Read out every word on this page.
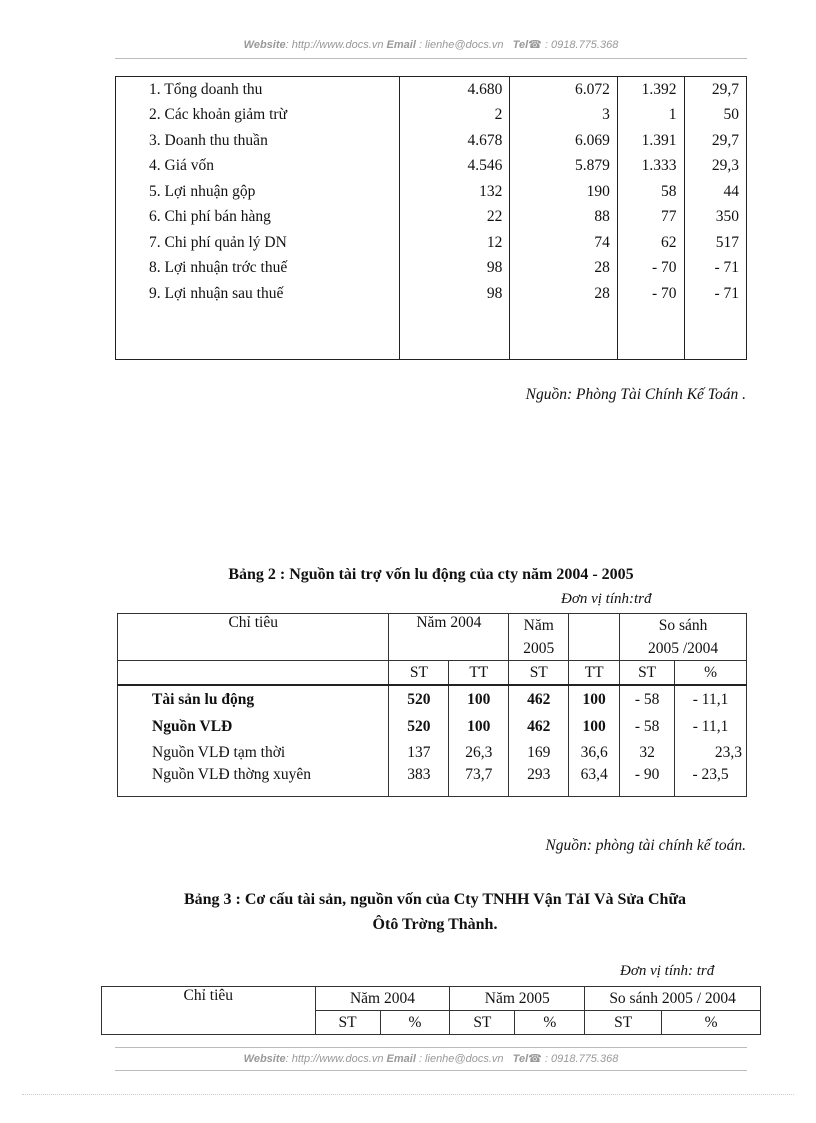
Website: http://www.docs.vn Email : lienhe@docs.vn Tel☎ : 0918.775.368
1. Tổng doanh thu	4.680	6.072	1.392	29,7
2. Các khoản giảm trừ	2	3	1	50
3. Doanh thu thuần	4.678	6.069	1.391	29,7
4. Giá vốn	4.546	5.879	1.333	29,3
5. Lợi nhuận gộp	132	190	58	44
6. Chi phí bán hàng	22	88	77	350
7. Chi phí quản lý DN	12	74	62	517
8. Lợi nhuận trớc thuế	98	28	- 70	- 71
9. Lợi nhuận sau thuế	98	28	- 70	- 71

Nguồn: Phòng Tài Chính Kế Toán .
Bảng 2 : Nguồn tài trợ vốn lu động của cty năm 2004 - 2005
Đơn vị tính:trđ
Chỉ tiêu	Năm 2004		Năm		So sánh	
			2005		2005 /2004	
	ST	TT	ST	TT	ST	%
Tài sản lu động	520	100	462	100	- 58	- 11,1
Nguồn VLĐ	520	100	462	100	- 58	- 11,1
Nguồn VLĐ tạm thời	137	26,3	169	36,6	32	23,3
Nguồn VLĐ thờng xuyên	383	73,7	293	63,4	- 90	- 23,5
Nguồn: phòng tài chính kế toán.
Bảng 3 : Cơ cấu tài sản, nguồn vốn của Cty TNHH Vận TảI Và Sửa Chữa
Ôtô Trờng Thành.
Đơn vị tính: trđ
Chỉ tiêu	Năm 2004		Năm 2005		So sánh 2005 / 2004	
	ST	%	ST	%	ST	%
Website: http://www.docs.vn Email : lienhe@docs.vn Tel☎ : 0918.775.368
